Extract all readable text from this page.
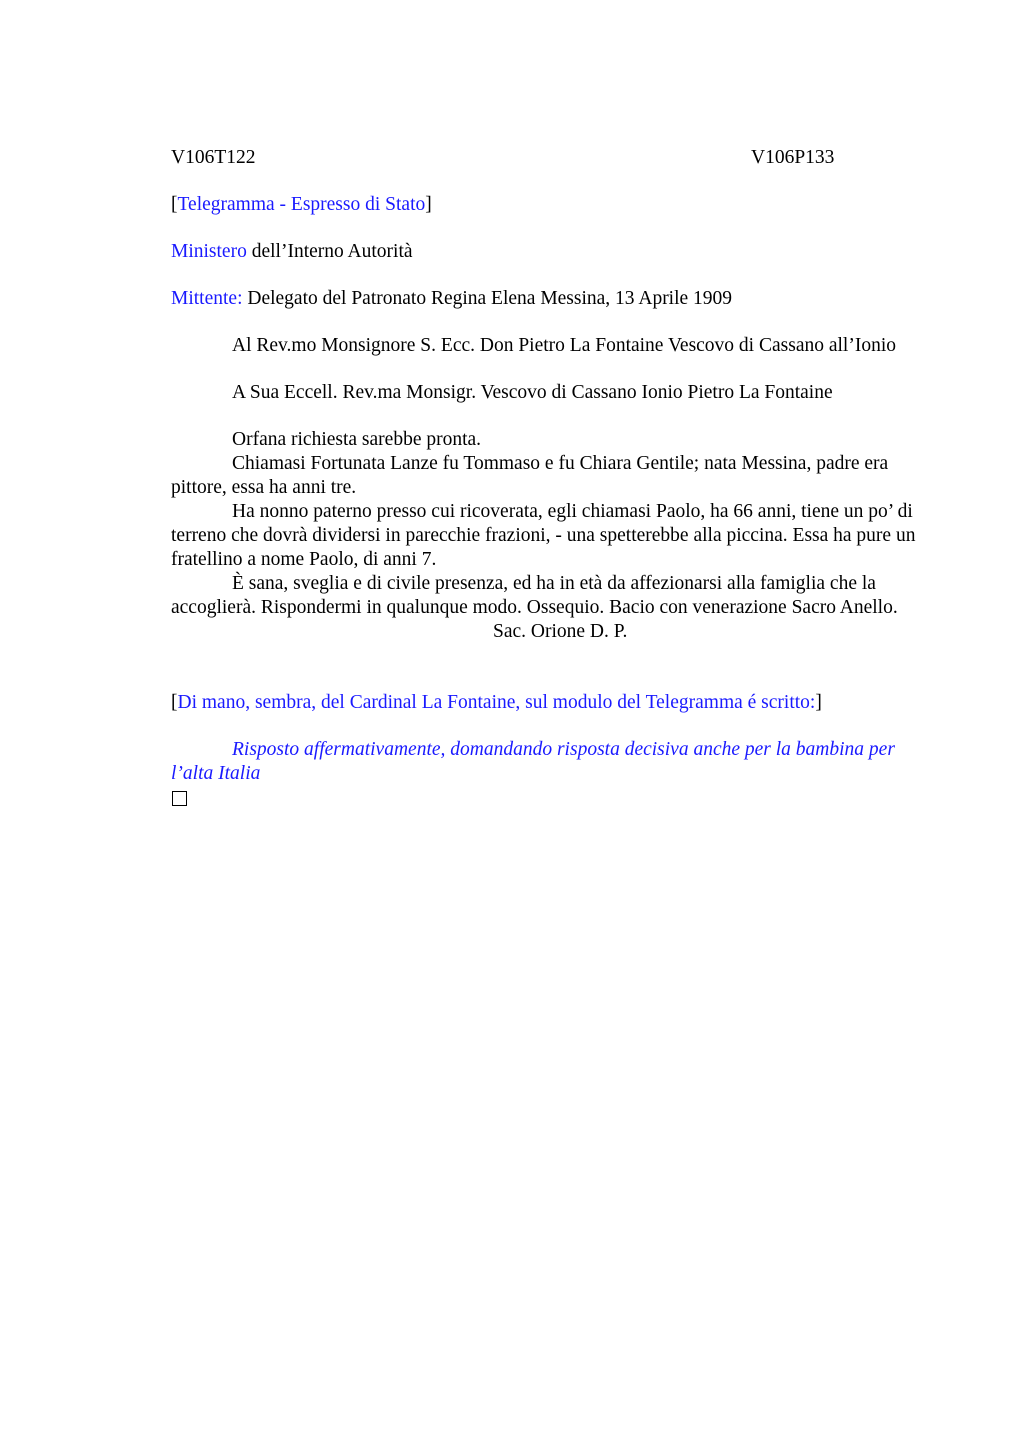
V106T122	V106P133

[Telegramma - Espresso di Stato]

Ministero dell’Interno Autorità

Mittente: Delegato del Patronato Regina Elena Messina, 13 Aprile 1909

Al Rev.mo Monsignore S. Ecc. Don Pietro La Fontaine Vescovo di Cassano all’Ionio

A Sua Eccell. Rev.ma Monsigr. Vescovo di Cassano Ionio Pietro La Fontaine

Orfana richiesta sarebbe pronta.

Chiamasi Fortunata Lanze fu Tommaso e fu Chiara Gentile; nata Messina, padre era pittore, essa ha anni tre.

Ha nonno paterno presso cui ricoverata, egli chiamasi Paolo, ha 66 anni, tiene un po’ di terreno che dovrà dividersi in parecchie frazioni, - una spetterebbe alla piccina. Essa ha pure un fratellino a nome Paolo, di anni 7.

È sana, sveglia e di civile presenza, ed ha in età da affezionarsi alla famiglia che la accoglierà. Rispondermi in qualunque modo. Ossequio. Bacio con venerazione Sacro Anello.

Sac. Orione D. P.

[Di mano, sembra, del Cardinal La Fontaine, sul modulo del Telegramma é scritto:]

Risposto affermativamente, domandando risposta decisiva anche per la bambina per l’alta Italia
